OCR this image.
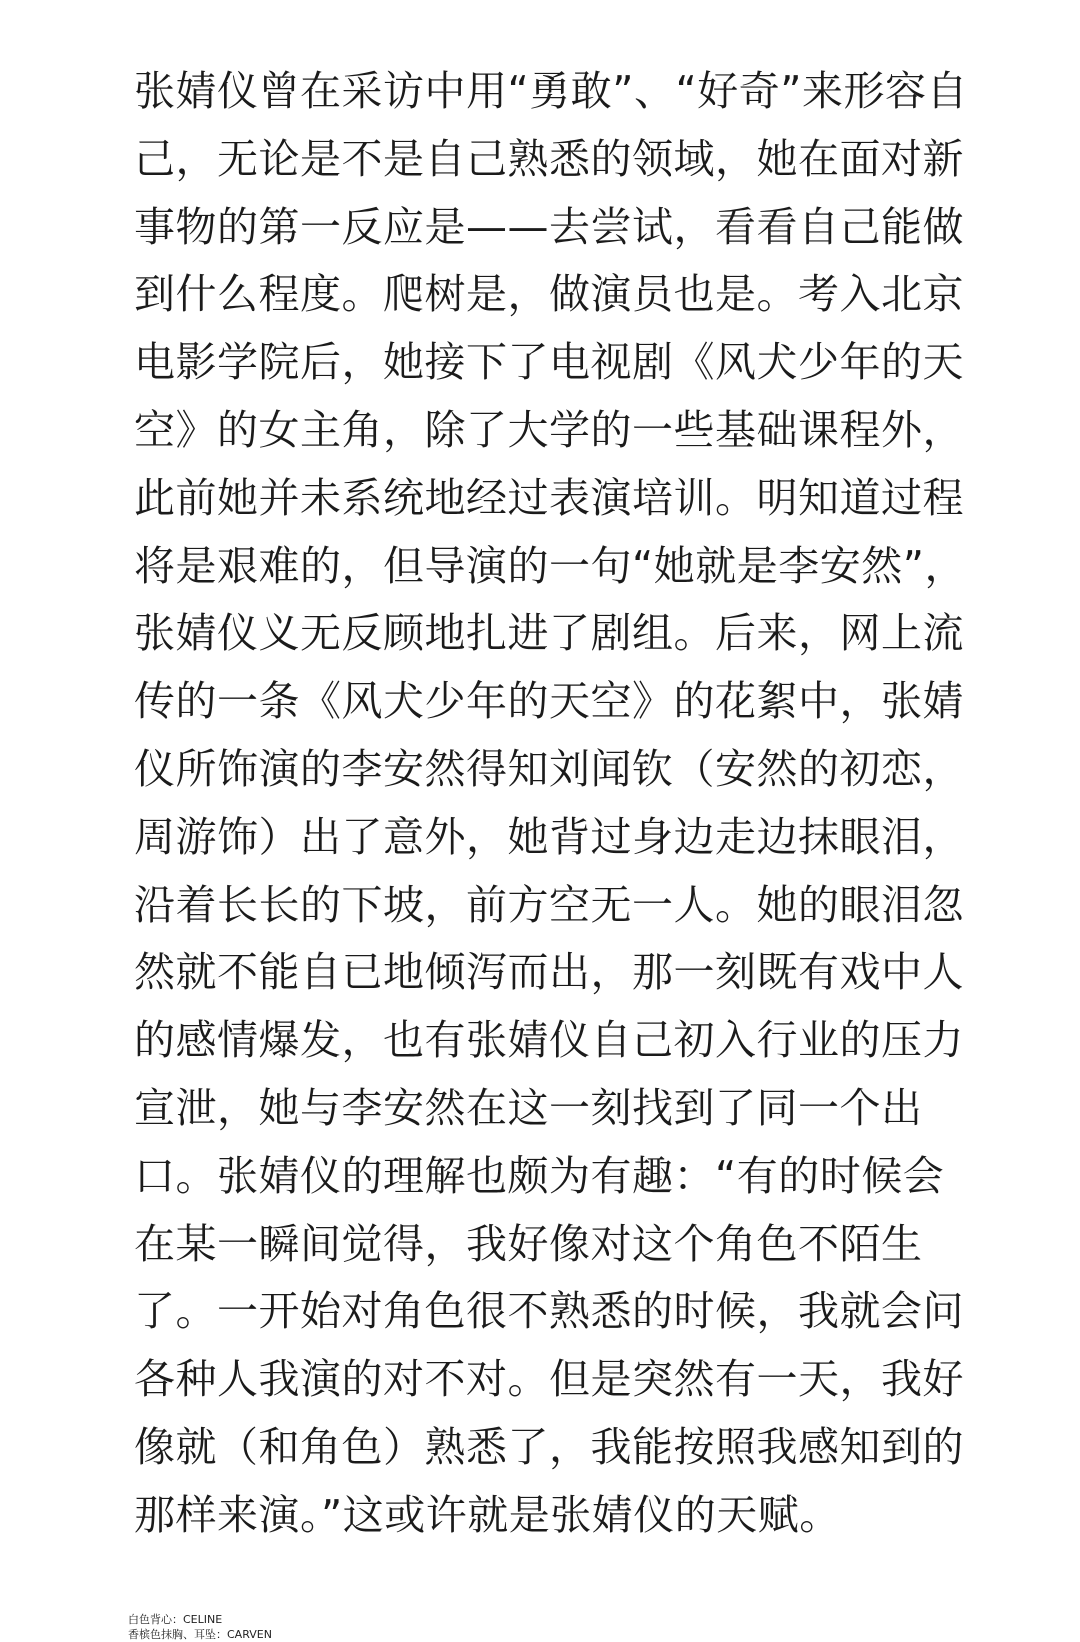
张婧仪曾在采访中用“勇敢”、“好奇”来形容自
己，无论是不是自己熟悉的领域，她在面对新
事物的第一反应是——去尝试，看看自己能做
到什么程度。爬树是，做演员也是。考入北京
电影学院后，她接下了电视剧《风犬少年的天
空》的女主角，除了大学的一些基础课程外，
此前她并未系统地经过表演培训。明知道过程
将是艰难的，但导演的一句“她就是李安然”，
张婧仪义无反顾地扎进了剧组。后来，网上流
传的一条《风犬少年的天空》的花絮中，张婧
仪所饰演的李安然得知刘闻钦（安然的初恋，
周游饰）出了意外，她背过身边走边抹眼泪，
沿着长长的下坡，前方空无一人。她的眼泪忽
然就不能自已地倾泻而出，那一刻既有戏中人
的感情爆发，也有张婧仪自己初入行业的压力
宣泄，她与李安然在这一刻找到了同一个出
口。张婧仪的理解也颇为有趣：“有的时候会
在某一瞬间觉得，我好像对这个角色不陌生
了。一开始对角色很不熟悉的时候，我就会问
各种人我演的对不对。但是突然有一天，我好
像就（和角色）熟悉了，我能按照我感知到的
那样来演。”这或许就是张婧仪的天赋。
白色背心：CELINE
香槟色抹胸、耳坠：CARVEN
